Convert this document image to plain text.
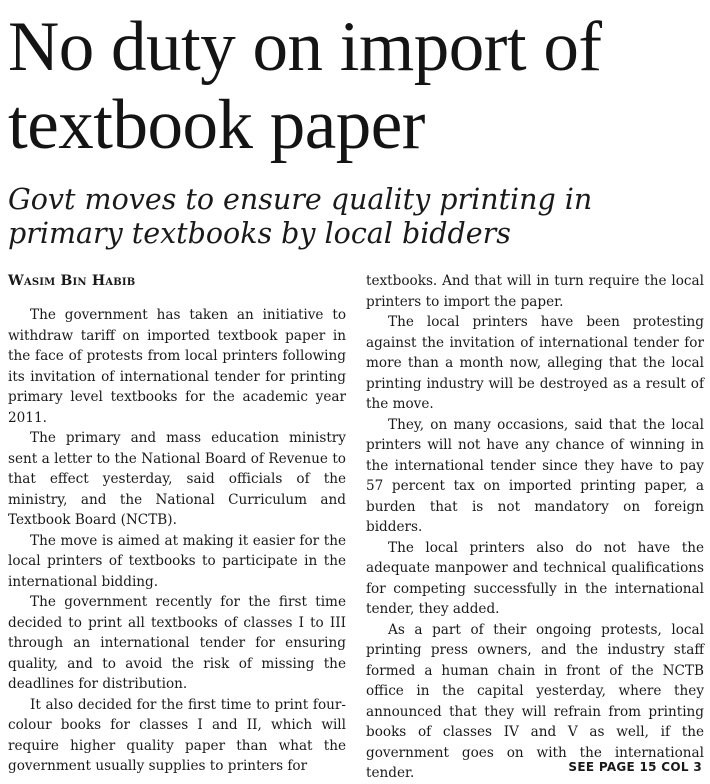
No duty on import of textbook paper
Govt moves to ensure quality printing in primary textbooks by local bidders
Wasim Bin Habib

The government has taken an initiative to withdraw tariff on imported textbook paper in the face of protests from local printers following its invitation of international tender for printing primary level textbooks for the academic year 2011.

The primary and mass education ministry sent a letter to the National Board of Revenue to that effect yesterday, said officials of the ministry, and the National Curriculum and Textbook Board (NCTB).

The move is aimed at making it easier for the local printers of textbooks to participate in the international bidding.

The government recently for the first time decided to print all textbooks of classes I to III through an international tender for ensuring quality, and to avoid the risk of missing the deadlines for distribution.

It also decided for the first time to print four-colour books for classes I and II, which will require higher quality paper than what the government usually supplies to printers for

textbooks. And that will in turn require the local printers to import the paper.

The local printers have been protesting against the invitation of international tender for more than a month now, alleging that the local printing industry will be destroyed as a result of the move.

They, on many occasions, said that the local printers will not have any chance of winning in the international tender since they have to pay 57 percent tax on imported printing paper, a burden that is not mandatory on foreign bidders.

The local printers also do not have the adequate manpower and technical qualifications for competing successfully in the international tender, they added.

As a part of their ongoing protests, local printing press owners, and the industry staff formed a human chain in front of the NCTB office in the capital yesterday, where they announced that they will refrain from printing books of classes IV and V as well, if the government goes on with the international tender.	SEE PAGE 15 COL 3
